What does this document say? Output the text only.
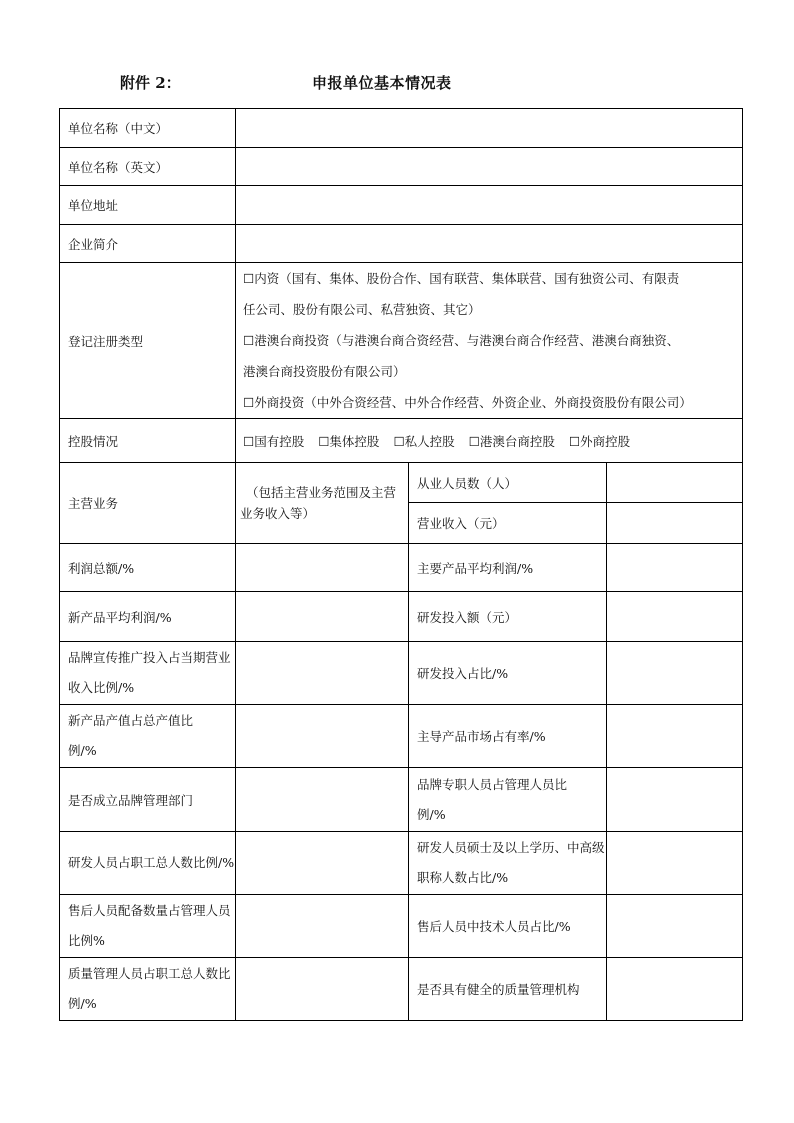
附件 2：	申报单位基本情况表
单位名称（中文）			
单位名称（英文）			
单位地址			
企业简介			
登记注册类型	☐内资（国有、集体、股份合作、国有联营、集体联营、国有独资公司、有限责
任公司、股份有限公司、私营独资、其它）
☐港澳台商投资（与港澳台商合资经营、与港澳台商合作经营、港澳台商独资、
港澳台商投资股份有限公司）
☐外商投资（中外合资经营、中外合作经营、外资企业、外商投资股份有限公司）		

控股情况	☐国有控股 ☐集体控股 ☐私人控股 ☐港澳台商控股 ☐外商控股		
主营业务	（包括主营业务范围及主营业务收入等）	从业人员数（人）	
		营业收入（元）	
利润总额/%		主要产品平均利润/%	
新产品平均利润/%		研发投入额（元）	
品牌宣传推广投入占当期营业收入比例/%		研发投入占比/%	
新产品产值占总产值比例/%		主导产品市场占有率/%	
是否成立品牌管理部门		品牌专职人员占管理人员比例/%	
研发人员占职工总人数比例/%		研发人员硕士及以上学历、中高级职称人数占比/%	
售后人员配备数量占管理人员比例%		售后人员中技术人员占比/%	
质量管理人员占职工总人数比例/%		是否具有健全的质量管理机构	
